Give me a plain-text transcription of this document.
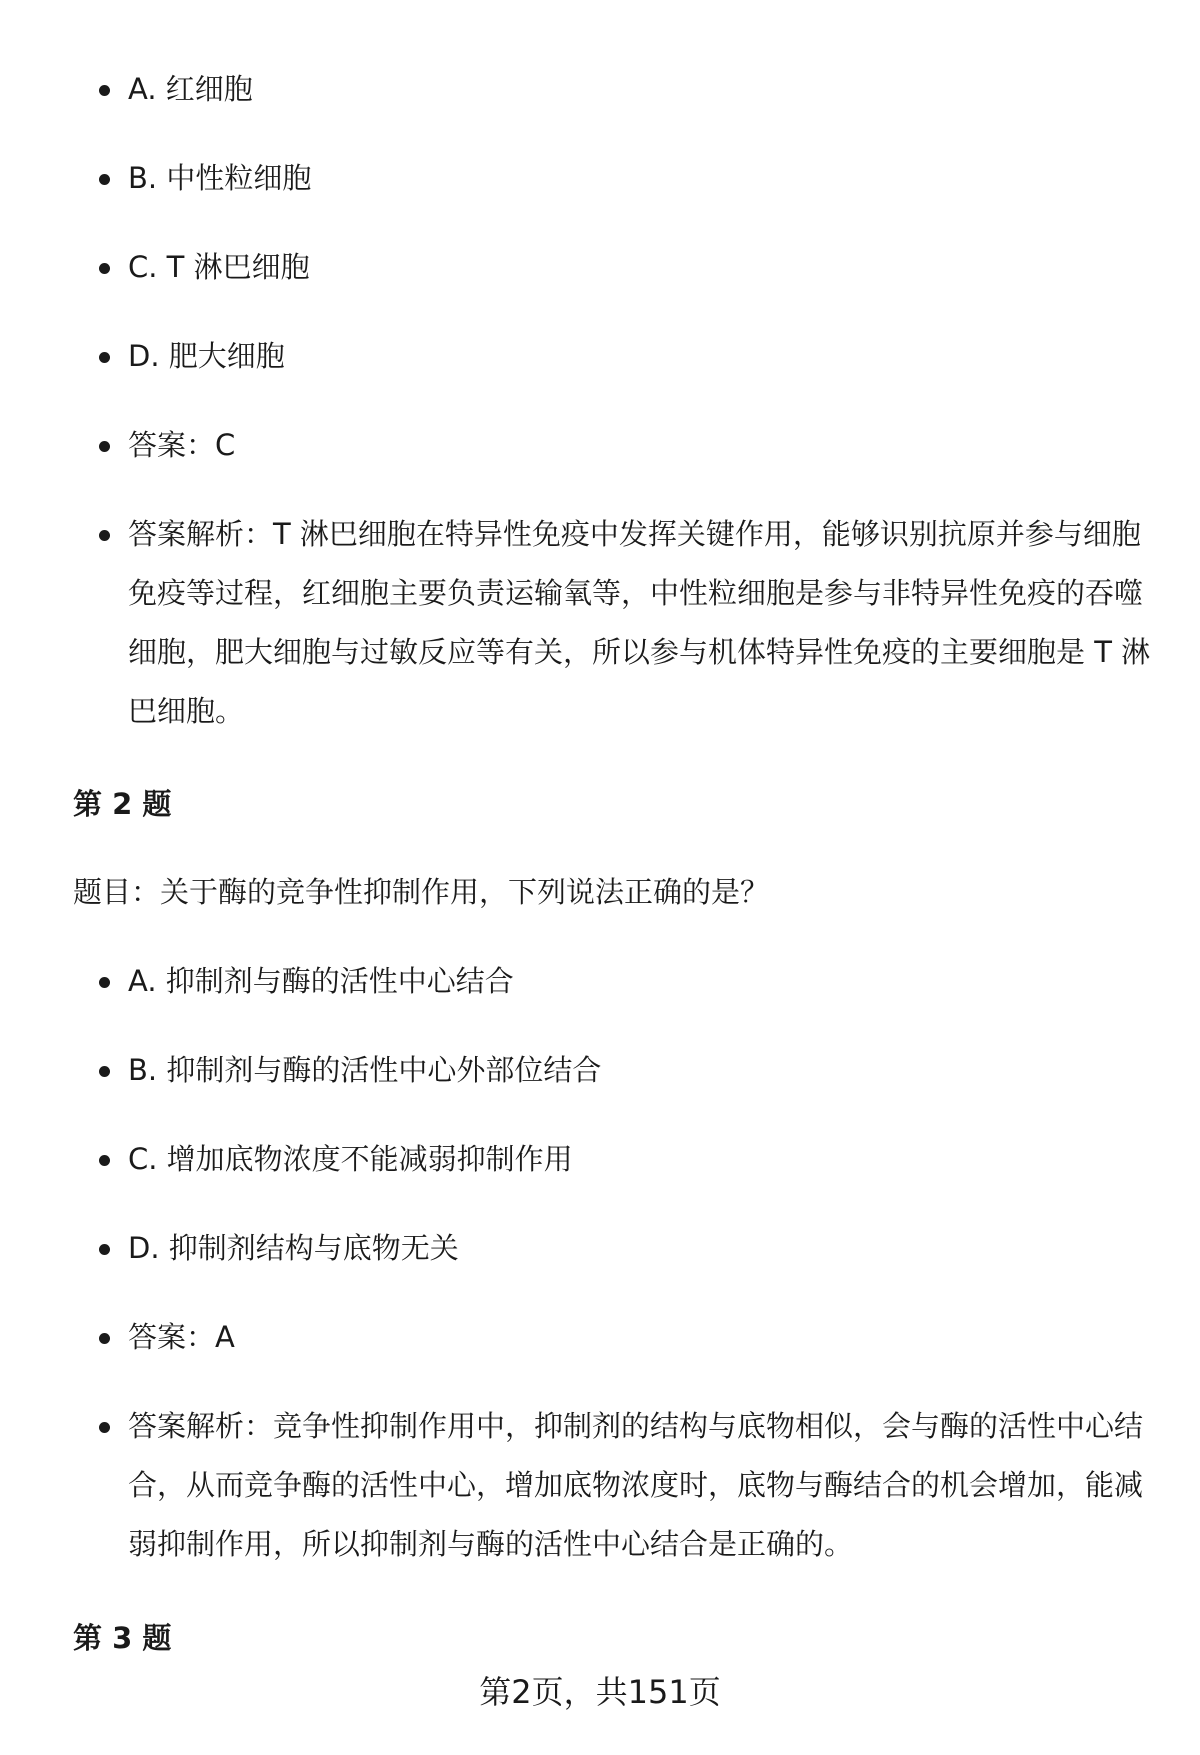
A. 红细胞
B. 中性粒细胞
C. T 淋巴细胞
D. 肥大细胞
答案：C
答案解析：T 淋巴细胞在特异性免疫中发挥关键作用，能够识别抗原并参与细胞免疫等过程，红细胞主要负责运输氧等，中性粒细胞是参与非特异性免疫的吞噬细胞，肥大细胞与过敏反应等有关，所以参与机体特异性免疫的主要细胞是 T 淋巴细胞。
第 2 题
题目：关于酶的竞争性抑制作用，下列说法正确的是？
A. 抑制剂与酶的活性中心结合
B. 抑制剂与酶的活性中心外部位结合
C. 增加底物浓度不能减弱抑制作用
D. 抑制剂结构与底物无关
答案：A
答案解析：竞争性抑制作用中，抑制剂的结构与底物相似，会与酶的活性中心结合，从而竞争酶的活性中心，增加底物浓度时，底物与酶结合的机会增加，能减弱抑制作用，所以抑制剂与酶的活性中心结合是正确的。
第 3 题
第2页，共151页
